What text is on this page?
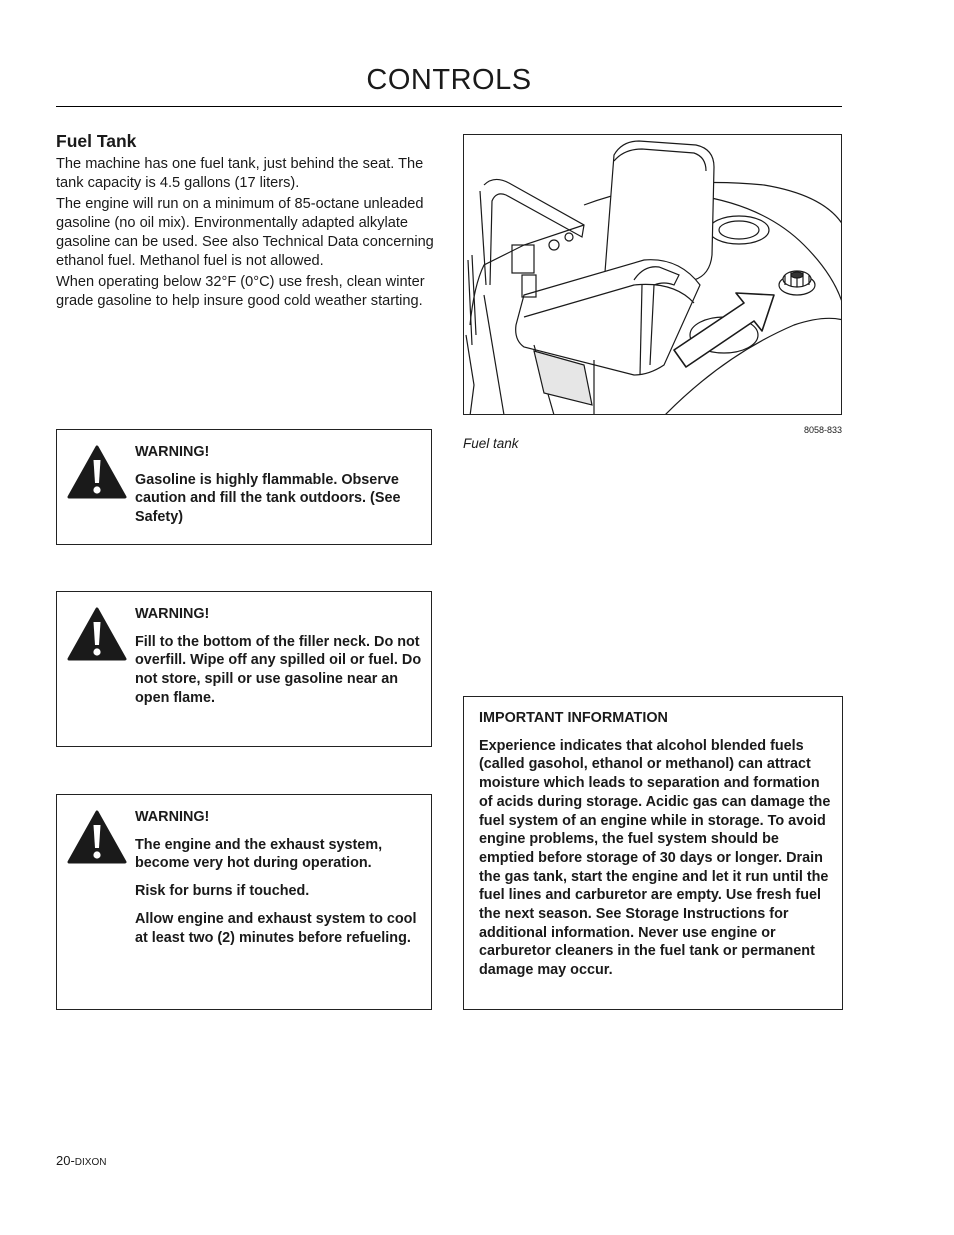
CONTROLS
Fuel Tank

The machine has one fuel tank, just behind the seat. The tank capacity is 4.5 gallons (17 liters).

The engine will run on a minimum of 85-octane unleaded gasoline (no oil mix). Environmentally adapted alkylate gasoline can be used. See also Technical Data concerning ethanol fuel. Methanol fuel is not allowed.

When operating below 32°F (0°C) use fresh, clean winter grade gasoline to help insure good cold weather starting.

WARNING!

Gasoline is highly flammable. Observe caution and fill the tank outdoors. (See Safety)

WARNING!

Fill to the bottom of the filler neck. Do not overfill. Wipe off any spilled oil or fuel. Do not store, spill or use gasoline near an open flame.

WARNING!

The engine and the exhaust system, become very hot during operation.

Risk for burns if touched.

Allow engine and exhaust system to cool at least two (2) minutes before refueling.

8058-833
Fuel tank

IMPORTANT INFORMATION

Experience indicates that alcohol blended fuels (called gasohol, ethanol or methanol) can attract moisture which leads to separation and formation of acids during storage. Acidic gas can damage the fuel system of an engine while in storage. To avoid engine problems, the fuel system should be emptied before storage of 30 days or longer. Drain the gas tank, start the engine and let it run until the fuel lines and carburetor are empty. Use fresh fuel the next season. See Storage Instructions for additional information. Never use engine or carburetor cleaners in the fuel tank or permanent damage may occur.

20-DIXON
